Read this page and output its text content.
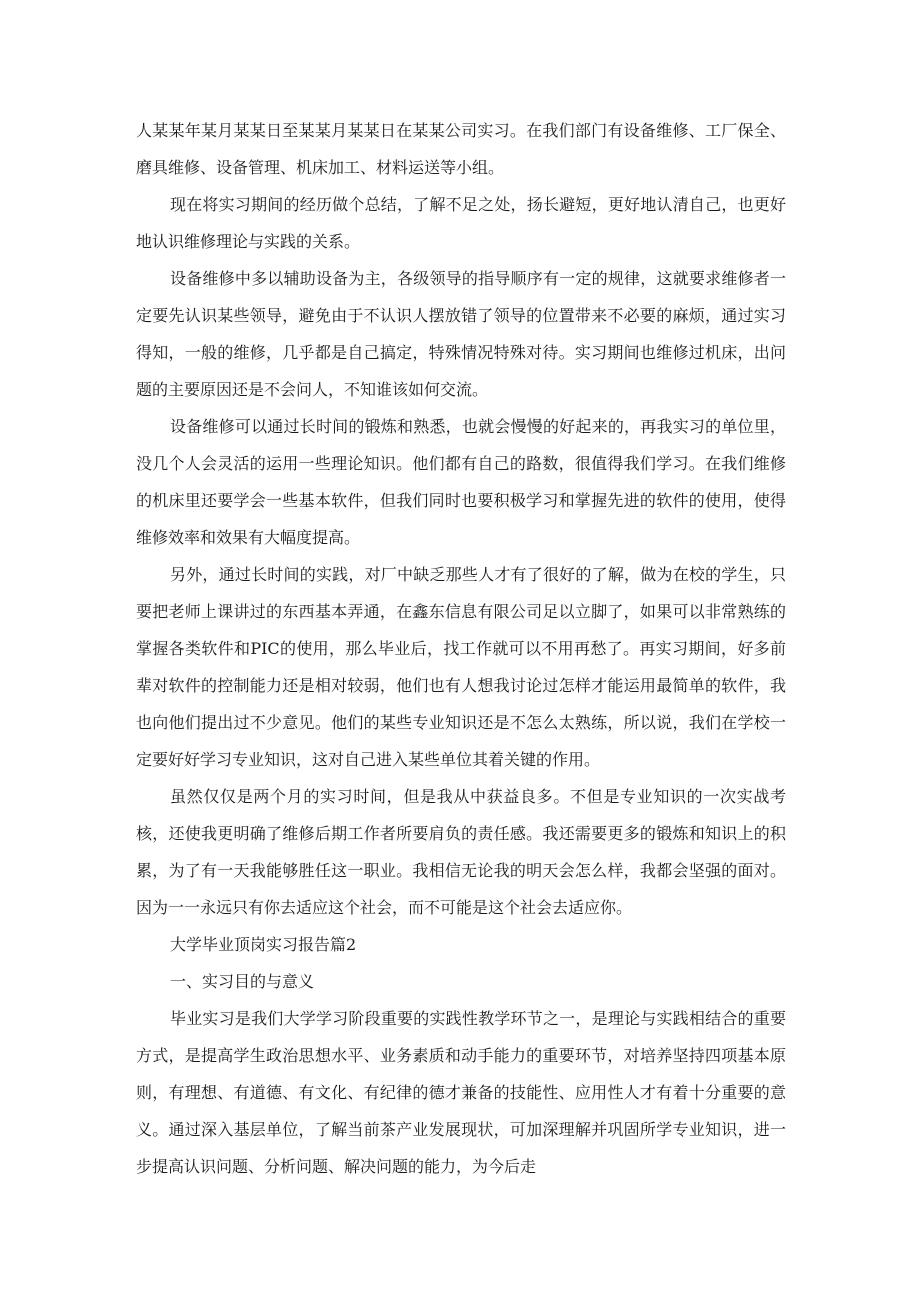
人某某年某月某某日至某某月某某日在某某公司实习。在我们部门有设备维修、工厂保全、磨具维修、设备管理、机床加工、材料运送等小组。

现在将实习期间的经历做个总结，了解不足之处，扬长避短，更好地认清自己，也更好地认识维修理论与实践的关系。

设备维修中多以辅助设备为主，各级领导的指导顺序有一定的规律，这就要求维修者一定要先认识某些领导，避免由于不认识人摆放错了领导的位置带来不必要的麻烦，通过实习得知，一般的维修，几乎都是自己搞定，特殊情况特殊对待。实习期间也维修过机床，出问题的主要原因还是不会问人，不知谁该如何交流。

设备维修可以通过长时间的锻炼和熟悉，也就会慢慢的好起来的，再我实习的单位里，没几个人会灵活的运用一些理论知识。他们都有自己的路数，很值得我们学习。在我们维修的机床里还要学会一些基本软件，但我们同时也要积极学习和掌握先进的软件的使用，使得维修效率和效果有大幅度提高。

另外，通过长时间的实践，对厂中缺乏那些人才有了很好的了解，做为在校的学生，只要把老师上课讲过的东西基本弄通，在鑫东信息有限公司足以立脚了，如果可以非常熟练的掌握各类软件和PIC的使用，那么毕业后，找工作就可以不用再愁了。再实习期间，好多前辈对软件的控制能力还是相对较弱，他们也有人想我讨论过怎样才能运用最简单的软件，我也向他们提出过不少意见。他们的某些专业知识还是不怎么太熟练，所以说，我们在学校一定要好好学习专业知识，这对自己进入某些单位其着关键的作用。

虽然仅仅是两个月的实习时间，但是我从中获益良多。不但是专业知识的一次实战考核，还使我更明确了维修后期工作者所要肩负的责任感。我还需要更多的锻炼和知识上的积累，为了有一天我能够胜任这一职业。我相信无论我的明天会怎么样，我都会坚强的面对。因为一一永远只有你去适应这个社会，而不可能是这个社会去适应你。

大学毕业顶岗实习报告篇2

一、实习目的与意义

毕业实习是我们大学学习阶段重要的实践性教学环节之一，是理论与实践相结合的重要方式，是提高学生政治思想水平、业务素质和动手能力的重要环节，对培养坚持四项基本原则，有理想、有道德、有文化、有纪律的德才兼备的技能性、应用性人才有着十分重要的意义。通过深入基层单位，了解当前茶产业发展现状，可加深理解并巩固所学专业知识，进一步提高认识问题、分析问题、解决问题的能力，为今后走
